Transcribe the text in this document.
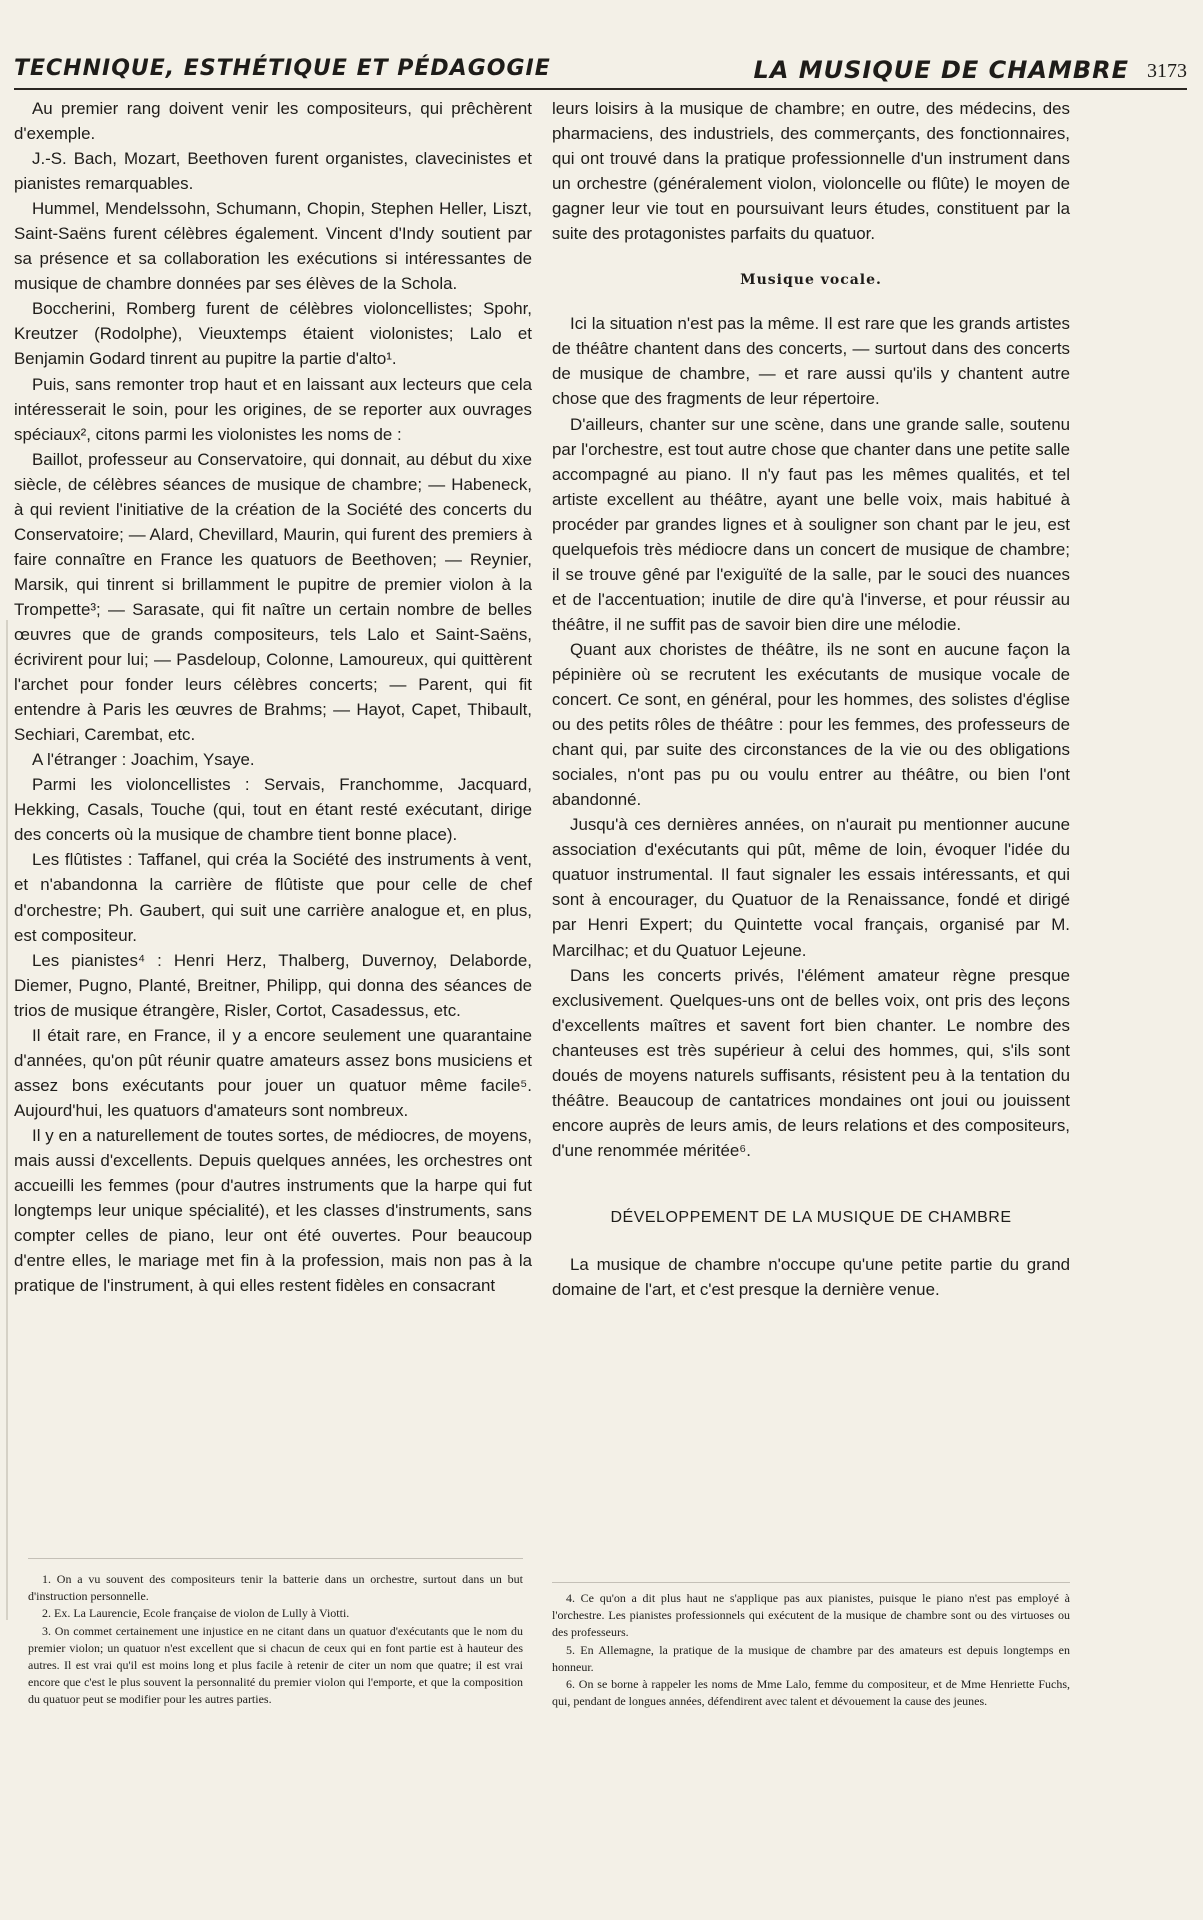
TECHNIQUE, ESTHÉTIQUE ET PÉDAGOGIE	LA MUSIQUE DE CHAMBRE 3173

Au premier rang doivent venir les compositeurs, qui prêchèrent d'exemple.

J.-S. Bach, Mozart, Beethoven furent organistes, clavecinistes et pianistes remarquables.

Hummel, Mendelssohn, Schumann, Chopin, Stephen Heller, Liszt, Saint-Saëns furent célèbres également. Vincent d'Indy soutient par sa présence et sa collaboration les exécutions si intéressantes de musique de chambre données par ses élèves de la Schola.

Boccherini, Romberg furent de célèbres violoncellistes; Spohr, Kreutzer (Rodolphe), Vieuxtemps étaient violonistes; Lalo et Benjamin Godard tinrent au pupitre la partie d'alto¹.

Puis, sans remonter trop haut et en laissant aux lecteurs que cela intéresserait le soin, pour les origines, de se reporter aux ouvrages spéciaux², citons parmi les violonistes les noms de :

Baillot, professeur au Conservatoire, qui donnait, au début du xixe siècle, de célèbres séances de musique de chambre; — Habeneck, à qui revient l'initiative de la création de la Société des concerts du Conservatoire; — Alard, Chevillard, Maurin, qui furent des premiers à faire connaître en France les quatuors de Beethoven; — Reynier, Marsik, qui tinrent si brillamment le pupitre de premier violon à la Trompette³; — Sarasate, qui fit naître un certain nombre de belles œuvres que de grands compositeurs, tels Lalo et Saint-Saëns, écrivirent pour lui; — Pasdeloup, Colonne, Lamoureux, qui quittèrent l'archet pour fonder leurs célèbres concerts; — Parent, qui fit entendre à Paris les œuvres de Brahms; — Hayot, Capet, Thibault, Sechiari, Carembat, etc.

A l'étranger : Joachim, Ysaye.

Parmi les violoncellistes : Servais, Franchomme, Jacquard, Hekking, Casals, Touche (qui, tout en étant resté exécutant, dirige des concerts où la musique de chambre tient bonne place).

Les flûtistes : Taffanel, qui créa la Société des instruments à vent, et n'abandonna la carrière de flûtiste que pour celle de chef d'orchestre; Ph. Gaubert, qui suit une carrière analogue et, en plus, est compositeur.

Les pianistes⁴ : Henri Herz, Thalberg, Duvernoy, Delaborde, Diemer, Pugno, Planté, Breitner, Philipp, qui donna des séances de trios de musique étrangère, Risler, Cortot, Casadessus, etc.

Il était rare, en France, il y a encore seulement une quarantaine d'années, qu'on pût réunir quatre amateurs assez bons musiciens et assez bons exécutants pour jouer un quatuor même facile⁵. Aujourd'hui, les quatuors d'amateurs sont nombreux.

Il y en a naturellement de toutes sortes, de médiocres, de moyens, mais aussi d'excellents. Depuis quelques années, les orchestres ont accueilli les femmes (pour d'autres instruments que la harpe qui fut longtemps leur unique spécialité), et les classes d'instruments, sans compter celles de piano, leur ont été ouvertes. Pour beaucoup d'entre elles, le mariage met fin à la profession, mais non pas à la pratique de l'instrument, à qui elles restent fidèles en consacrant

leurs loisirs à la musique de chambre; en outre, des médecins, des pharmaciens, des industriels, des commerçants, des fonctionnaires, qui ont trouvé dans la pratique professionnelle d'un instrument dans un orchestre (généralement violon, violoncelle ou flûte) le moyen de gagner leur vie tout en poursuivant leurs études, constituent par la suite des protagonistes parfaits du quatuor.

Musique vocale.

Ici la situation n'est pas la même. Il est rare que les grands artistes de théâtre chantent dans des concerts, — surtout dans des concerts de musique de chambre, — et rare aussi qu'ils y chantent autre chose que des fragments de leur répertoire.

D'ailleurs, chanter sur une scène, dans une grande salle, soutenu par l'orchestre, est tout autre chose que chanter dans une petite salle accompagné au piano. Il n'y faut pas les mêmes qualités, et tel artiste excellent au théâtre, ayant une belle voix, mais habitué à procéder par grandes lignes et à souligner son chant par le jeu, est quelquefois très médiocre dans un concert de musique de chambre; il se trouve gêné par l'exiguïté de la salle, par le souci des nuances et de l'accentuation; inutile de dire qu'à l'inverse, et pour réussir au théâtre, il ne suffit pas de savoir bien dire une mélodie.

Quant aux choristes de théâtre, ils ne sont en aucune façon la pépinière où se recrutent les exécutants de musique vocale de concert. Ce sont, en général, pour les hommes, des solistes d'église ou des petits rôles de théâtre : pour les femmes, des professeurs de chant qui, par suite des circonstances de la vie ou des obligations sociales, n'ont pas pu ou voulu entrer au théâtre, ou bien l'ont abandonné.

Jusqu'à ces dernières années, on n'aurait pu mentionner aucune association d'exécutants qui pût, même de loin, évoquer l'idée du quatuor instrumental. Il faut signaler les essais intéressants, et qui sont à encourager, du Quatuor de la Renaissance, fondé et dirigé par Henri Expert; du Quintette vocal français, organisé par M. Marcilhac; et du Quatuor Lejeune.

Dans les concerts privés, l'élément amateur règne presque exclusivement. Quelques-uns ont de belles voix, ont pris des leçons d'excellents maîtres et savent fort bien chanter. Le nombre des chanteuses est très supérieur à celui des hommes, qui, s'ils sont doués de moyens naturels suffisants, résistent peu à la tentation du théâtre. Beaucoup de cantatrices mondaines ont joui ou jouissent encore auprès de leurs amis, de leurs relations et des compositeurs, d'une renommée méritée⁶.

DÉVELOPPEMENT DE LA MUSIQUE DE CHAMBRE

La musique de chambre n'occupe qu'une petite partie du grand domaine de l'art, et c'est presque la dernière venue.

1. On a vu souvent des compositeurs tenir la batterie dans un orchestre, surtout dans un but d'instruction personnelle.

2. Ex. La Laurencie, Ecole française de violon de Lully à Viotti.

3. On commet certainement une injustice en ne citant dans un quatuor d'exécutants que le nom du premier violon; un quatuor n'est excellent que si chacun de ceux qui en font partie est à hauteur des autres. Il est vrai qu'il est moins long et plus facile à retenir de citer un nom que quatre; il est vrai encore que c'est le plus souvent la personnalité du premier violon qui l'emporte, et que la composition du quatuor peut se modifier pour les autres parties.

4. Ce qu'on a dit plus haut ne s'applique pas aux pianistes, puisque le piano n'est pas employé à l'orchestre. Les pianistes professionnels qui exécutent de la musique de chambre sont ou des virtuoses ou des professeurs.

5. En Allemagne, la pratique de la musique de chambre par des amateurs est depuis longtemps en honneur.

6. On se borne à rappeler les noms de Mme Lalo, femme du compositeur, et de Mme Henriette Fuchs, qui, pendant de longues années, défendirent avec talent et dévouement la cause des jeunes.
